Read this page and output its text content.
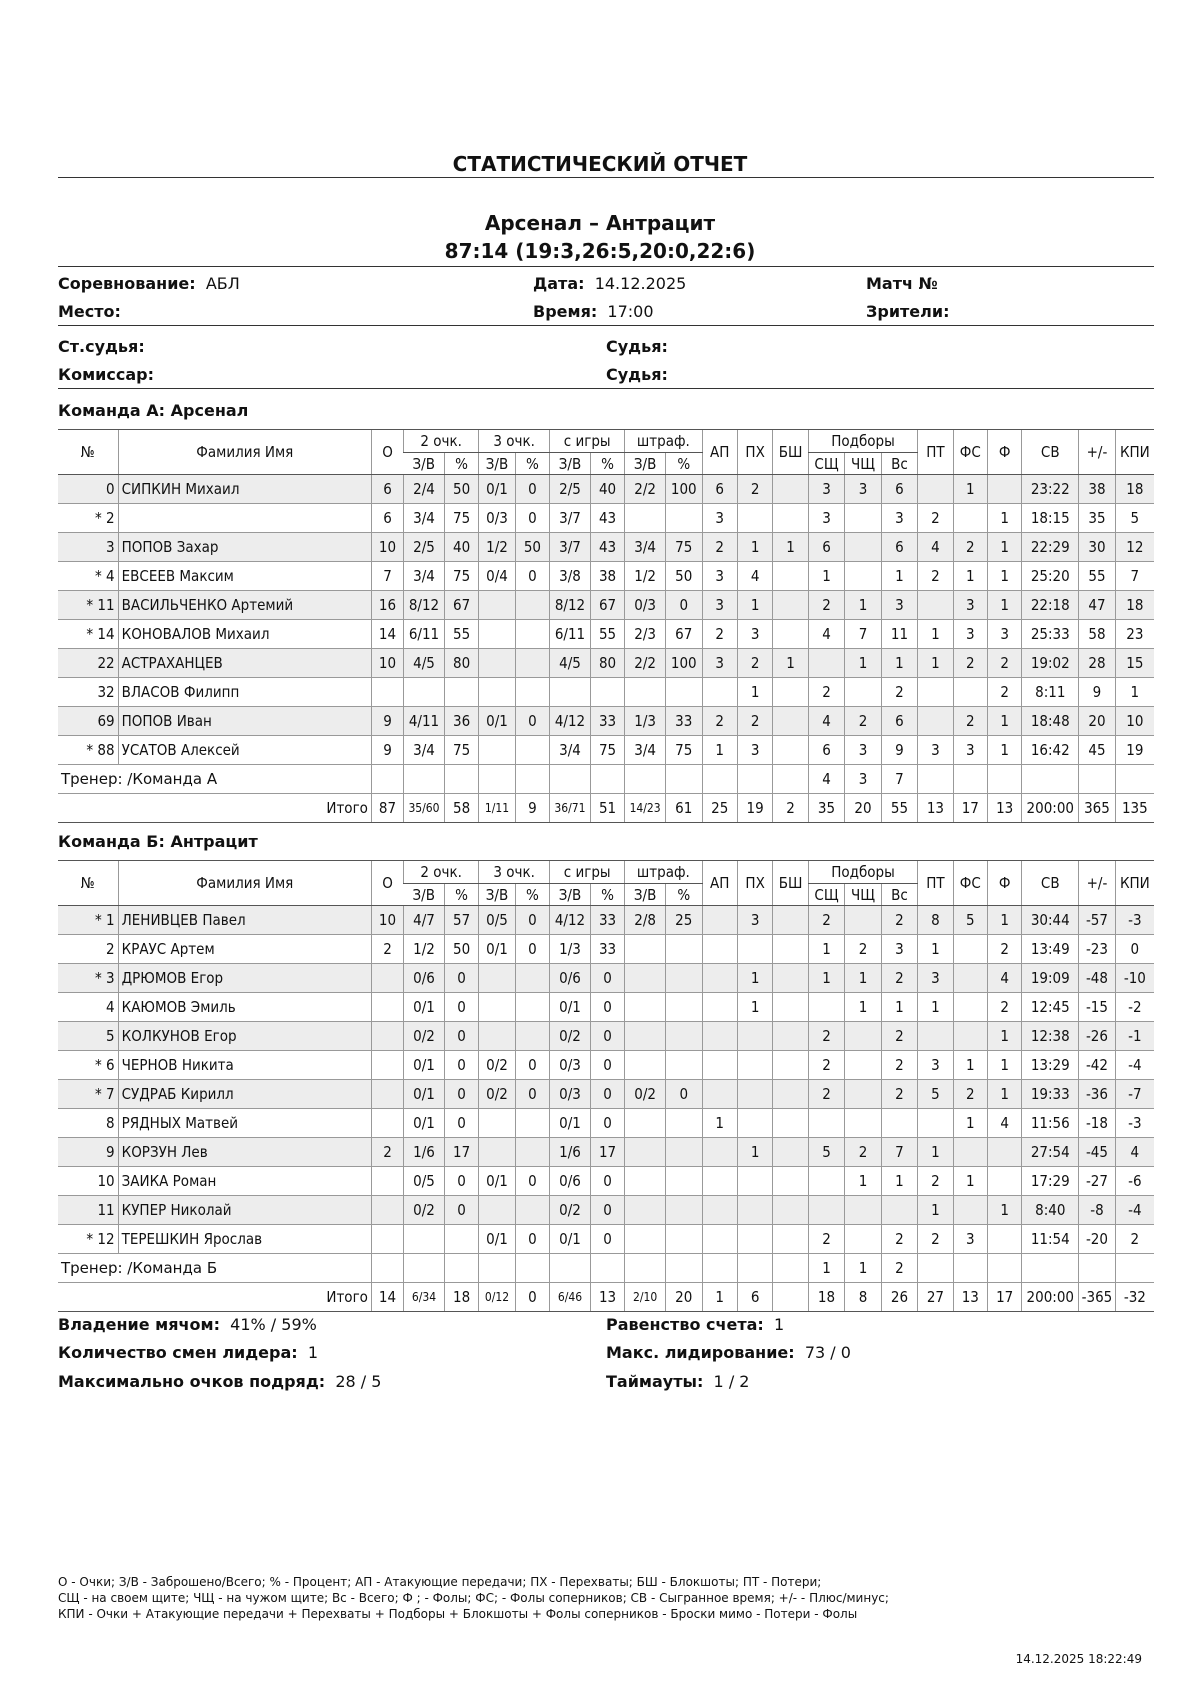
СТАТИСТИЧЕСКИЙ ОТЧЕТ
Арсенал – Антрацит
87:14 (19:3,26:5,20:0,22:6)
Соревнование: АБЛ	Дата: 14.12.2025	Матч №
Место:	Время: 17:00	Зрители:
Ст.судья:	Судья:
Комиссар:	Судья:
Команда А: Арсенал
№	Фамилия Имя	О	2 очк.		3 очк.		с игры		штраф.		АП	ПХ	БШ	Подборы			ПТ	ФС	Ф	СВ	+/-	КПИ
			З/В	%	З/В	%	З/В	%	З/В	%				СЩ	ЧЩ	Вс						
0	СИПКИН Михаил	6	2/4	50	0/1	0	2/5	40	2/2	100	6	2		3	3	6		1		23:22	38	18
* 2		6	3/4	75	0/3	0	3/7	43			3			3		3	2		1	18:15	35	5
3	ПОПОВ Захар	10	2/5	40	1/2	50	3/7	43	3/4	75	2	1	1	6		6	4	2	1	22:29	30	12
* 4	ЕВСЕЕВ Максим	7	3/4	75	0/4	0	3/8	38	1/2	50	3	4		1		1	2	1	1	25:20	55	7
* 11	ВАСИЛЬЧЕНКО Артемий	16	8/12	67			8/12	67	0/3	0	3	1		2	1	3		3	1	22:18	47	18
* 14	КОНОВАЛОВ Михаил	14	6/11	55			6/11	55	2/3	67	2	3		4	7	11	1	3	3	25:33	58	23
22	АСТРАХАНЦЕВ	10	4/5	80			4/5	80	2/2	100	3	2	1		1	1	1	2	2	19:02	28	15
32	ВЛАСОВ Филипп											1		2		2			2	8:11	9	1
69	ПОПОВ Иван	9	4/11	36	0/1	0	4/12	33	1/3	33	2	2		4	2	6		2	1	18:48	20	10
* 88	УСАТОВ Алексей	9	3/4	75			3/4	75	3/4	75	1	3		6	3	9	3	3	1	16:42	45	19
Тренер: /Команда А														4	3	7						
Итого		87	35/60	58	1/11	9	36/71	51	14/23	61	25	19	2	35	20	55	13	17	13	200:00	365	135
Команда Б: Антрацит
№	Фамилия Имя	О	2 очк.		3 очк.		с игры		штраф.		АП	ПХ	БШ	Подборы			ПТ	ФС	Ф	СВ	+/-	КПИ
			З/В	%	З/В	%	З/В	%	З/В	%				СЩ	ЧЩ	Вс						
* 1	ЛЕНИВЦЕВ Павел	10	4/7	57	0/5	0	4/12	33	2/8	25		3		2		2	8	5	1	30:44	-57	-3
2	КРАУС Артем	2	1/2	50	0/1	0	1/3	33						1	2	3	1		2	13:49	-23	0
* 3	ДРЮМОВ Егор		0/6	0			0/6	0				1		1	1	2	3		4	19:09	-48	-10
4	КАЮМОВ Эмиль		0/1	0			0/1	0				1			1	1	1		2	12:45	-15	-2
5	КОЛКУНОВ Егор		0/2	0			0/2	0						2		2			1	12:38	-26	-1
* 6	ЧЕРНОВ Никита		0/1	0	0/2	0	0/3	0						2		2	3	1	1	13:29	-42	-4
* 7	СУДРАБ Кирилл		0/1	0	0/2	0	0/3	0	0/2	0				2		2	5	2	1	19:33	-36	-7
8	РЯДНЫХ Матвей		0/1	0			0/1	0			1							1	4	11:56	-18	-3
9	КОРЗУН Лев	2	1/6	17			1/6	17				1		5	2	7	1			27:54	-45	4
10	ЗАИКА Роман		0/5	0	0/1	0	0/6	0							1	1	2	1		17:29	-27	-6
11	КУПЕР Николай		0/2	0			0/2	0									1		1	8:40	-8	-4
* 12	ТЕРЕШКИН Ярослав				0/1	0	0/1	0						2		2	2	3		11:54	-20	2
Тренер: /Команда Б														1	1	2						
Итого		14	6/34	18	0/12	0	6/46	13	2/10	20	1	6		18	8	26	27	13	17	200:00	-365	-32
Владение мячом: 41% / 59%	Равенство счета: 1
Количество смен лидера: 1	Макс. лидирование: 73 / 0
Максимально очков подряд: 28 / 5	Таймауты: 1 / 2
О - Очки; З/В - Заброшено/Всего; % - Процент; АП - Атакующие передачи; ПХ - Перехваты; БШ - Блокшоты; ПТ - Потери;
СЩ - на своем щите; ЧЩ - на чужом щите; Вс - Всего; Ф ; - Фолы; ФС; - Фолы соперников; СВ - Сыгранное время; +/- - Плюс/минус;
КПИ - Очки + Атакующие передачи + Перехваты + Подборы + Блокшоты + Фолы соперников - Броски мимо - Потери - Фолы
14.12.2025 18:22:49
